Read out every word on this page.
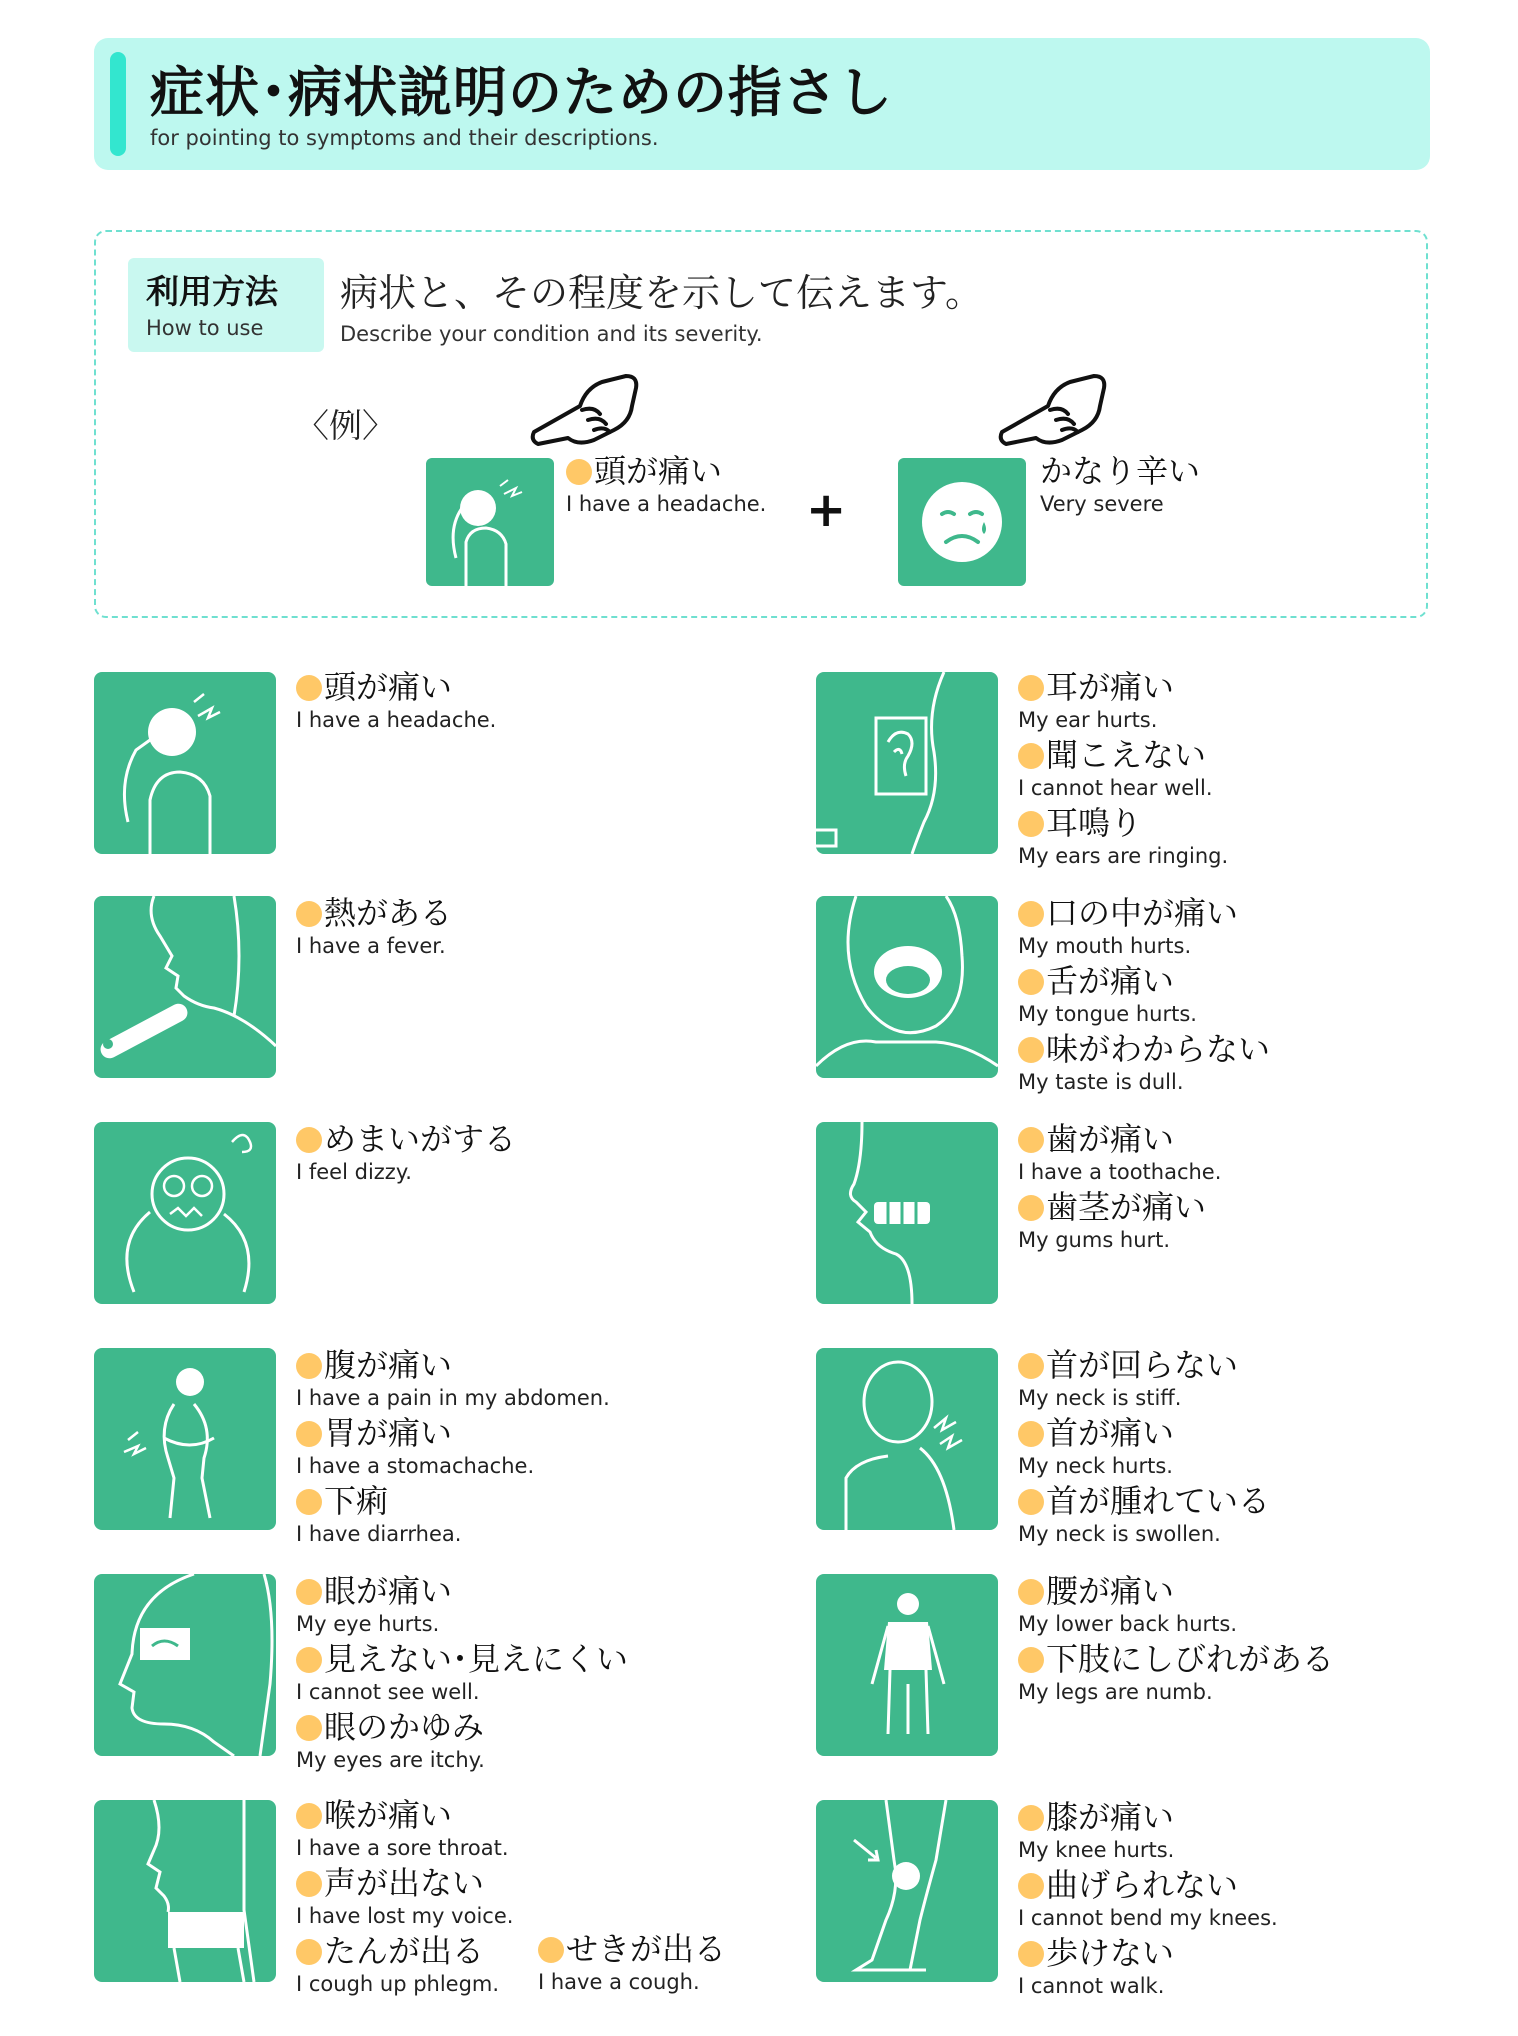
症状･病状説明のための指さし
for pointing to symptoms and their descriptions.
利用方法
How to use
病状と、その程度を示して伝えます。
Describe your condition and its severity.
〈例〉
頭が痛い
I have a headache. +
かなり辛い
Very severe
頭が痛い
I have a headache.
耳が痛い
My ear hurts.
聞こえない
I cannot hear well.
耳鳴り
My ears are ringing.
熱がある
I have a fever.
口の中が痛い
My mouth hurts.
舌が痛い
My tongue hurts.
味がわからない
My taste is dull.
めまいがする
I feel dizzy.
歯が痛い
I have a toothache.
歯茎が痛い
My gums hurt.
腹が痛い
I have a pain in my abdomen.
胃が痛い
I have a stomachache.
下痢
I have diarrhea.
首が回らない
My neck is stiff.
首が痛い
My neck hurts.
首が腫れている
My neck is swollen.
眼が痛い
My eye hurts.
見えない･見えにくい
I cannot see well.
眼のかゆみ
My eyes are itchy.
腰が痛い
My lower back hurts.
下肢にしびれがある
My legs are numb.
喉が痛い
I have a sore throat.
声が出ない
I have lost my voice.
たんが出る
I cough up phlegm.
せきが出る
I have a cough.
膝が痛い
My knee hurts.
曲げられない
I cannot bend my knees.
歩けない
I cannot walk.
